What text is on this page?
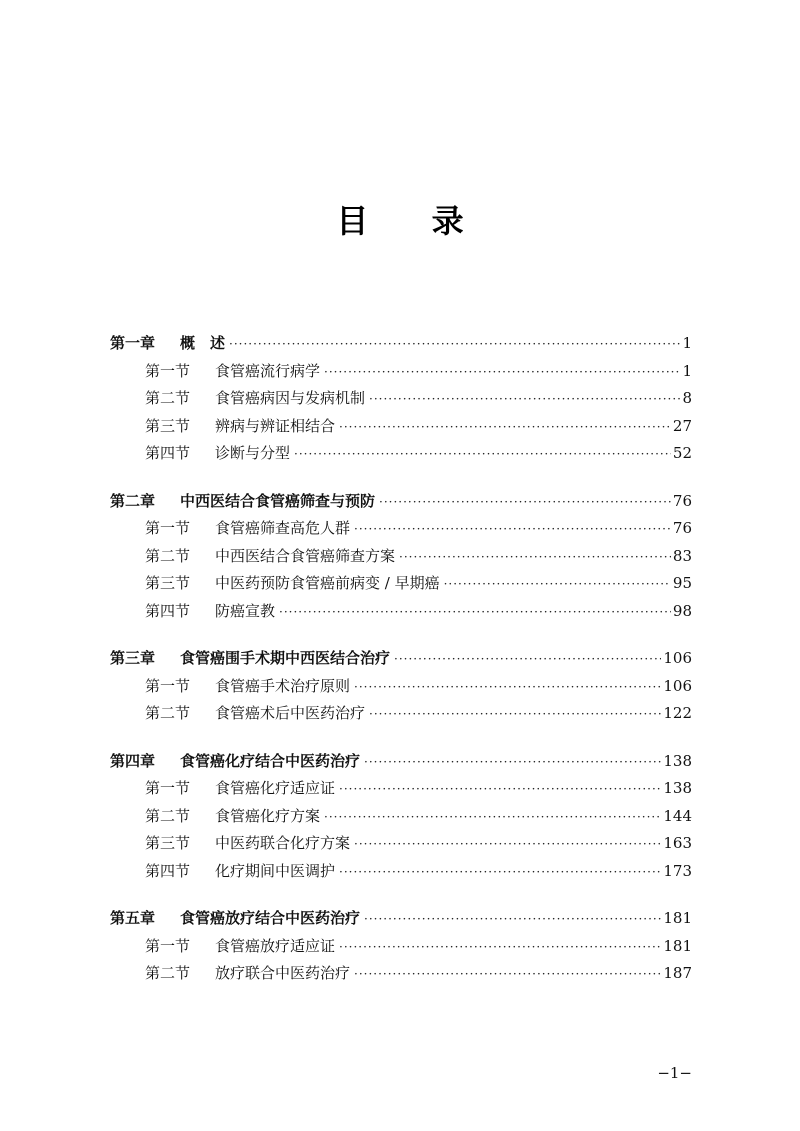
目 录
第一章	概　述 ·····	1
第一节	食管癌流行病学 ·····	1
第二节	食管癌病因与发病机制 ·····	8
第三节	辨病与辨证相结合 ·····	27
第四节	诊断与分型 ·····	52
第二章	中西医结合食管癌筛查与预防 ·····	76
第一节	食管癌筛查高危人群 ·····	76
第二节	中西医结合食管癌筛查方案 ·····	83
第三节	中医药预防食管癌前病变 / 早期癌 ·····	95
第四节	防癌宣教 ·····	98
第三章	食管癌围手术期中西医结合治疗 ·····	106
第一节	食管癌手术治疗原则 ·····	106
第二节	食管癌术后中医药治疗 ·····	122
第四章	食管癌化疗结合中医药治疗 ·····	138
第一节	食管癌化疗适应证 ·····	138
第二节	食管癌化疗方案 ·····	144
第三节	中医药联合化疗方案 ·····	163
第四节	化疗期间中医调护 ·····	173
第五章	食管癌放疗结合中医药治疗 ·····	181
第一节	食管癌放疗适应证 ·····	181
第二节	放疗联合中医药治疗 ·····	187
−1−
